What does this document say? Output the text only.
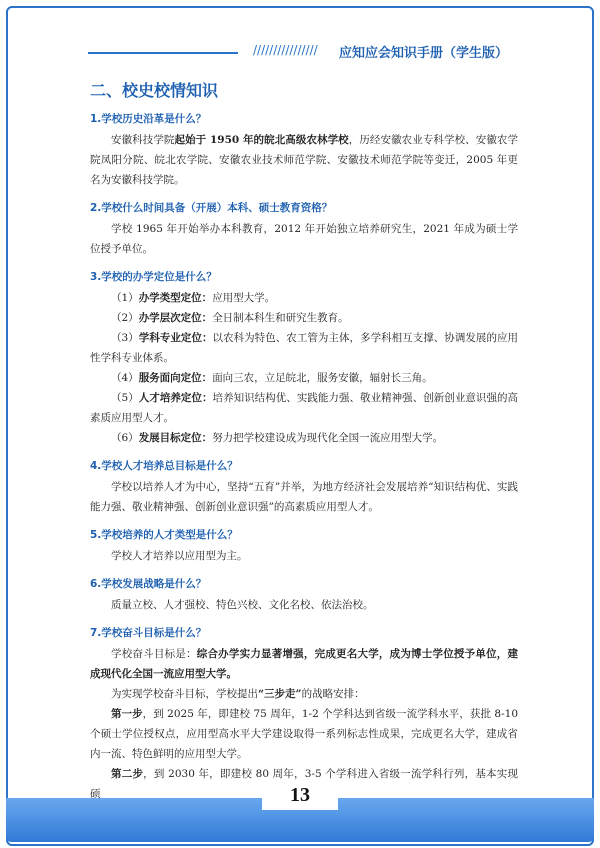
13
//////////////// 应知应会知识手册（学生版）
二、校史校情知识
1.学校历史沿革是什么？

安徽科技学院起始于 1950 年的皖北高级农林学校，历经安徽农业专科学校、安徽农学院凤阳分院、皖北农学院、安徽农业技术师范学院、安徽技术师范学院等变迁，2005 年更名为安徽科技学院。

2.学校什么时间具备（开展）本科、硕士教育资格？

学校 1965 年开始举办本科教育，2012 年开始独立培养研究生，2021 年成为硕士学位授予单位。

3.学校的办学定位是什么？

（1）办学类型定位：应用型大学。

（2）办学层次定位：全日制本科生和研究生教育。

（3）学科专业定位：以农科为特色、农工管为主体，多学科相互支撑、协调发展的应用性学科专业体系。

（4）服务面向定位：面向三农，立足皖北，服务安徽，辐射长三角。

（5）人才培养定位：培养知识结构优、实践能力强、敬业精神强、创新创业意识强的高素质应用型人才。

（6）发展目标定位：努力把学校建设成为现代化全国一流应用型大学。

4.学校人才培养总目标是什么？

学校以培养人才为中心，坚持“五育”并举，为地方经济社会发展培养“知识结构优、实践能力强、敬业精神强、创新创业意识强”的高素质应用型人才。

5.学校培养的人才类型是什么？

学校人才培养以应用型为主。

6.学校发展战略是什么？

质量立校、人才强校、特色兴校、文化名校、依法治校。

7.学校奋斗目标是什么？

学校奋斗目标是：综合办学实力显著增强，完成更名大学，成为博士学位授予单位，建成现代化全国一流应用型大学。

为实现学校奋斗目标，学校提出“三步走”的战略安排：

第一步，到 2025 年，即建校 75 周年，1-2 个学科达到省级一流学科水平，获批 8-10 个硕士学位授权点，应用型高水平大学建设取得一系列标志性成果，完成更名大学，建成省内一流、特色鲜明的应用型大学。

第二步，到 2030 年，即建校 80 周年，3-5 个学科进入省级一流学科行列，基本实现硕
